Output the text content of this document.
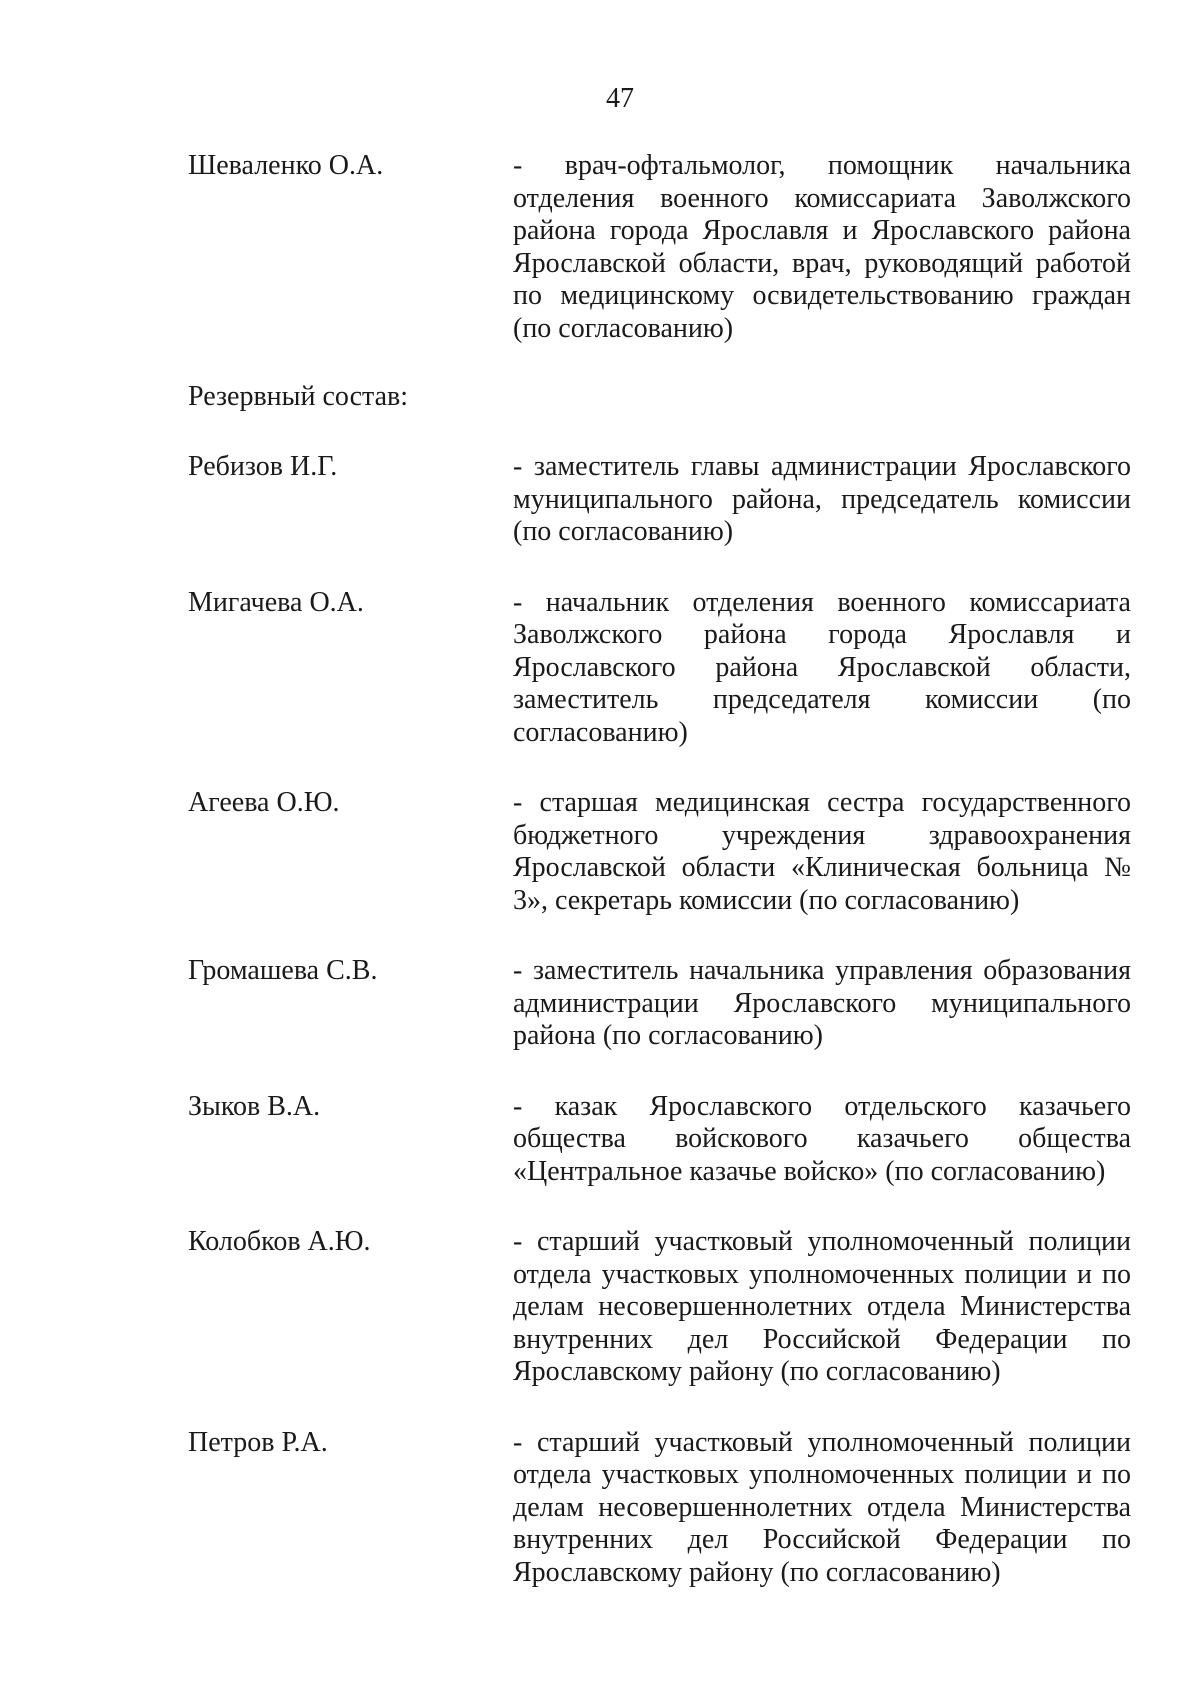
47
Шеваленко О.А.	- врач-офтальмолог, помощник начальника отделения военного комиссариата Заволжского района города Ярославля и Ярославского района Ярославской области, врач, руководящий работой по медицинскому освидетельствованию граждан (по согласованию)
Резервный состав:
Ребизов И.Г.	- заместитель главы администрации Ярославского муниципального района, председатель комиссии (по согласованию)
Мигачева О.А.	- начальник отделения военного комиссариата Заволжского района города Ярославля и Ярославского района Ярославской области, заместитель председателя комиссии (по согласованию)
Агеева О.Ю.	- старшая медицинская сестра государственного бюджетного учреждения здравоохранения Ярославской области «Клиническая больница № 3», секретарь комиссии (по согласованию)
Громашева С.В.	- заместитель начальника управления образования администрации Ярославского муниципального района (по согласованию)
Зыков В.А.	- казак Ярославского отдельского казачьего общества войскового казачьего общества «Центральное казачье войско» (по согласованию)
Колобков А.Ю.	- старший участковый уполномоченный полиции отдела участковых уполномоченных полиции и по делам несовершеннолетних отдела Министерства внутренних дел Российской Федерации по Ярославскому району (по согласованию)
Петров Р.А.	- старший участковый уполномоченный полиции отдела участковых уполномоченных полиции и по делам несовершеннолетних отдела Министерства внутренних дел Российской Федерации по Ярославскому району (по согласованию)
